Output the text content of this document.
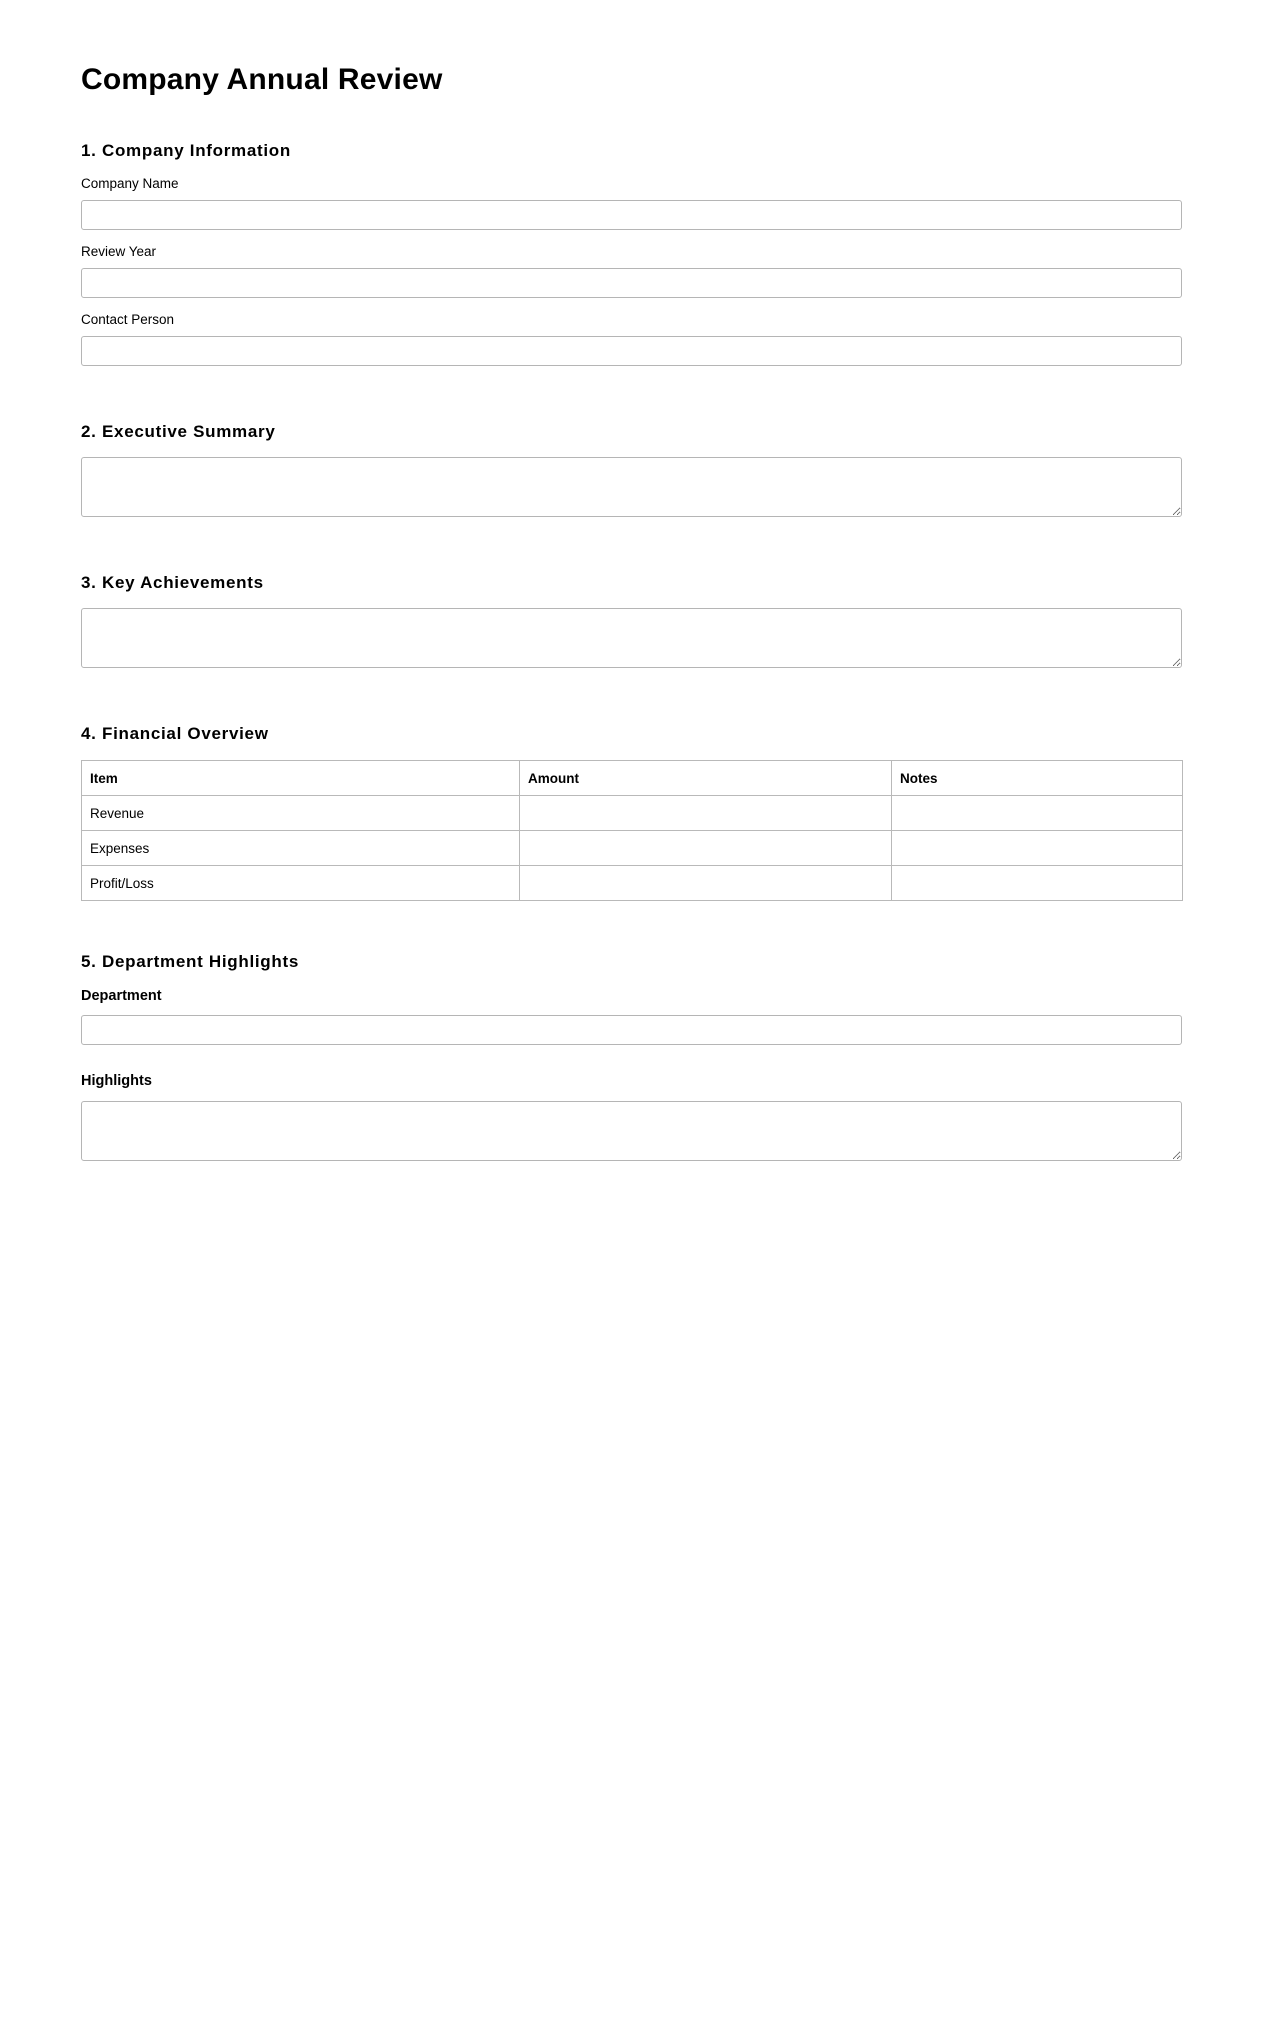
Company Annual Review
1. Company Information
Company Name
Review Year
Contact Person
2. Executive Summary
3. Key Achievements
4. Financial Overview
Item	Amount	Notes
Revenue		
Expenses		
Profit/Loss		
5. Department Highlights
Department
Highlights
